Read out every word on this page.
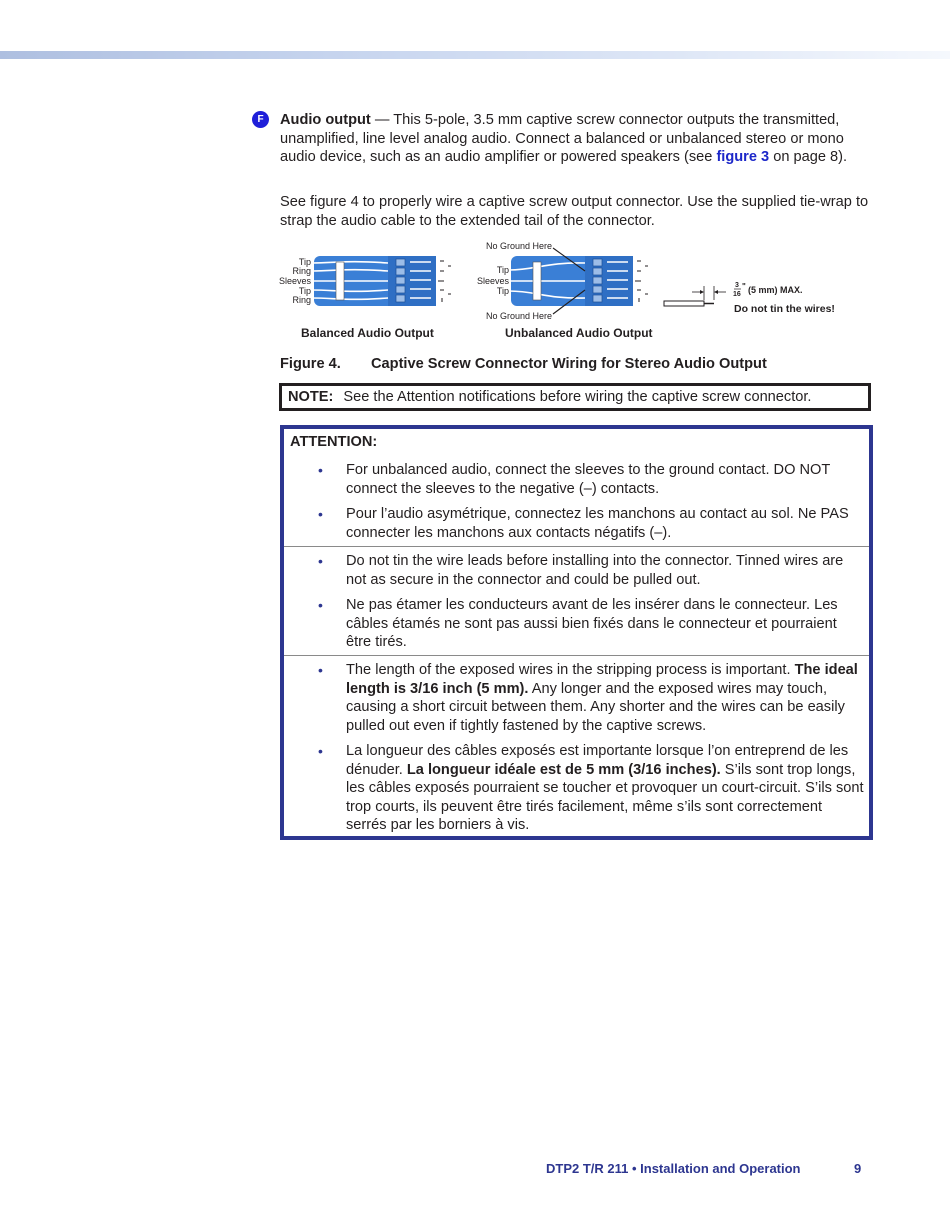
F	Audio output — This 5-pole, 3.5 mm captive screw connector outputs the transmitted, unamplified, line level analog audio. Connect a balanced or unbalanced stereo or mono audio device, such as an audio amplifier or powered speakers (see figure 3 on page 8).

See figure 4 to properly wire a captive screw output connector. Use the supplied tie-wrap to strap the audio cable to the extended tail of the connector.

Tip
Ring
Sleeves
Tip
Ring
Tip
Sleeves
Tip
No Ground Here
No Ground Here
3
16
" (5 mm) MAX.
Do not tin the wires!
Balanced Audio Output	Unbalanced Audio Output
Figure 4. Captive Screw Connector Wiring for Stereo Audio Output
NOTE: See the Attention notifications before wiring the captive screw connector.
ATTENTION:
•	For unbalanced audio, connect the sleeves to the ground contact. DO NOT connect the sleeves to the negative (–) contacts.

•	Pour l’audio asymétrique, connectez les manchons au contact au sol. Ne PAS connecter les manchons aux contacts négatifs (–).

•	Do not tin the wire leads before installing into the connector. Tinned wires are not as secure in the connector and could be pulled out.

•	Ne pas étamer les conducteurs avant de les insérer dans le connecteur. Les câbles étamés ne sont pas aussi bien fixés dans le connecteur et pourraient être tirés.

•	The length of the exposed wires in the stripping process is important. The ideal length is 3/16 inch (5 mm). Any longer and the exposed wires may touch, causing a short circuit between them. Any shorter and the wires can be easily pulled out even if tightly fastened by the captive screws.

•	La longueur des câbles exposés est importante lorsque l’on entreprend de les dénuder. La longueur idéale est de 5 mm (3/16 inches). S’ils sont trop longs, les câbles exposés pourraient se toucher et provoquer un court-circuit. S’ils sont trop courts, ils peuvent être tirés facilement, même s’ils sont correctement serrés par les borniers à vis.

DTP2 T/R 211 • Installation and Operation	9
